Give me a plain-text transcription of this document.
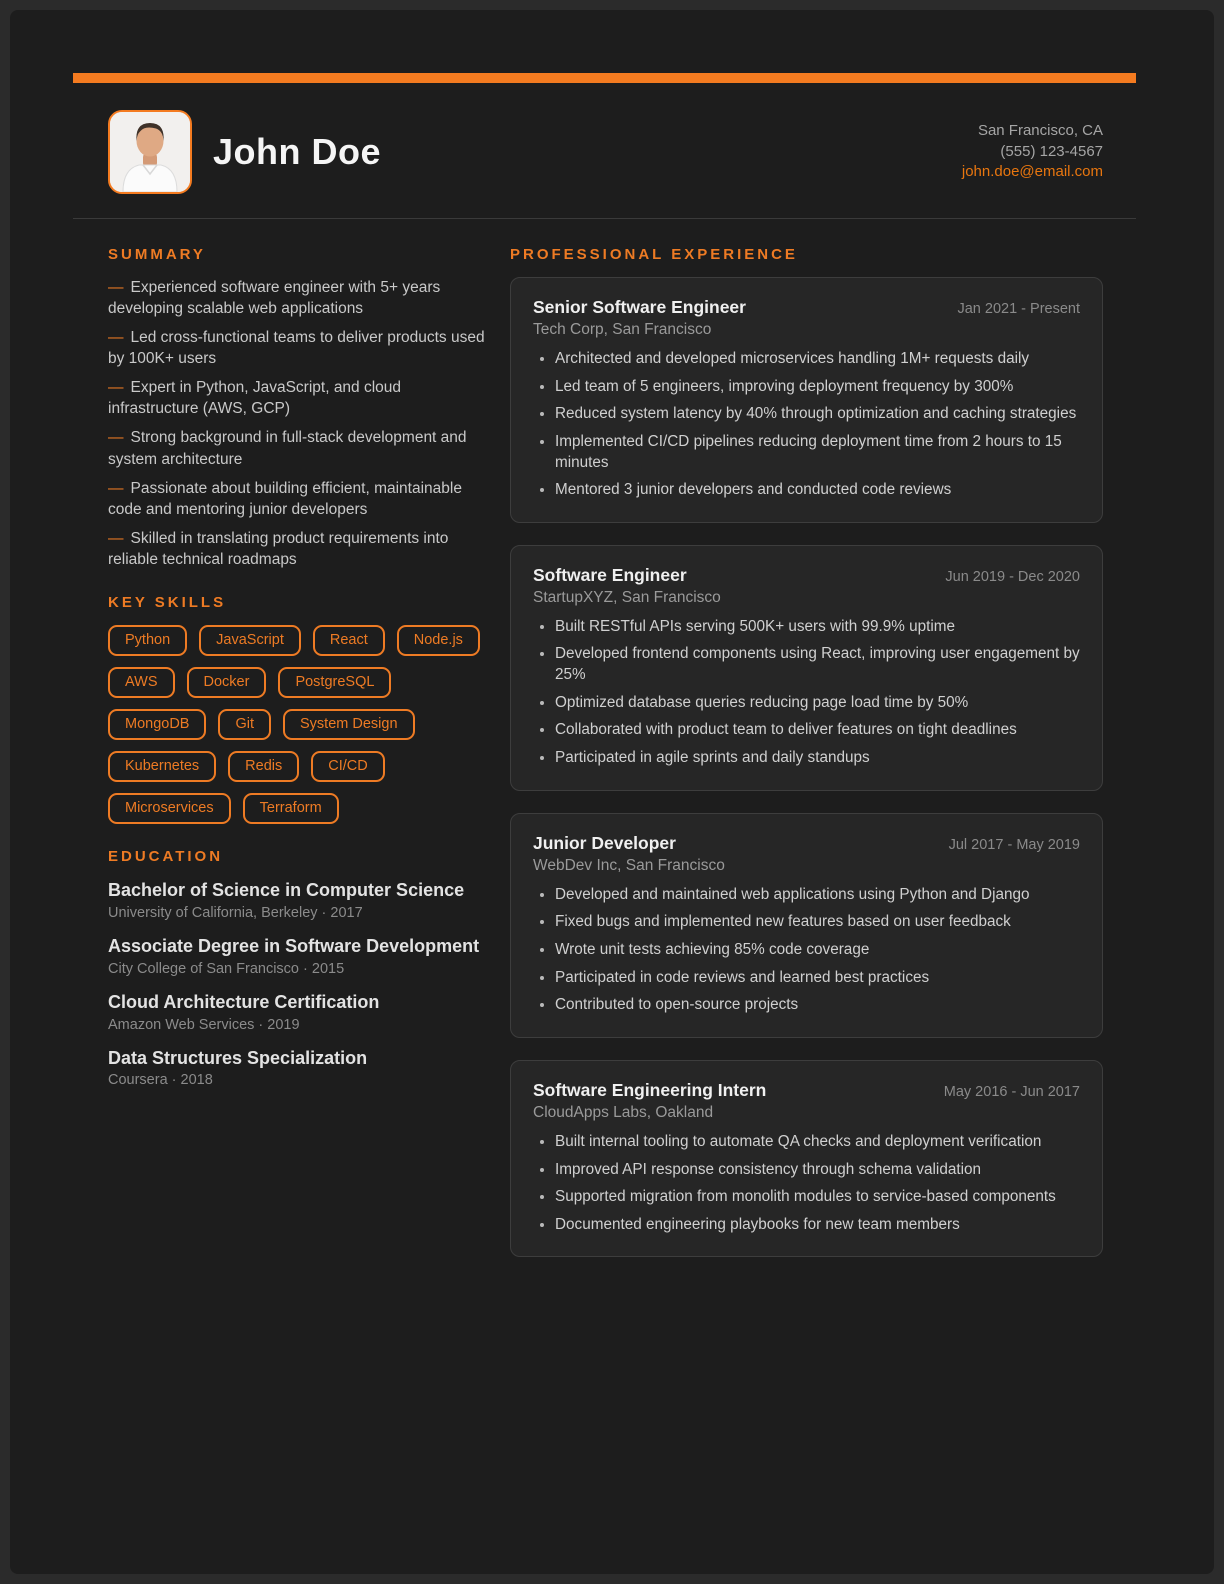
John Doe
San Francisco, CA
(555) 123-4567
john.doe@email.com
SUMMARY

— Experienced software engineer with 5+ years developing scalable web applications

— Led cross-functional teams to deliver products used by 100K+ users

— Expert in Python, JavaScript, and cloud infrastructure (AWS, GCP)

— Strong background in full-stack development and system architecture

— Passionate about building efficient, maintainable code and mentoring junior developers

— Skilled in translating product requirements into reliable technical roadmaps

KEY SKILLS
Python	JavaScript	React	Node.js
AWS	Docker	PostgreSQL
MongoDB	Git	System Design
Kubernetes	Redis	CI/CD
Microservices	Terraform
EDUCATION
Bachelor of Science in Computer Science
University of California, Berkeley · 2017
Associate Degree in Software Development
City College of San Francisco · 2015
Cloud Architecture Certification
Amazon Web Services · 2019
Data Structures Specialization
Coursera · 2018
PROFESSIONAL EXPERIENCE
Senior Software Engineer	Jan 2021 - Present
Tech Corp, San Francisco
• Architected and developed microservices handling 1M+ requests daily
• Led team of 5 engineers, improving deployment frequency by 300%
• Reduced system latency by 40% through optimization and caching strategies
• Implemented CI/CD pipelines reducing deployment time from 2 hours to 15 minutes
• Mentored 3 junior developers and conducted code reviews
Software Engineer	Jun 2019 - Dec 2020
StartupXYZ, San Francisco
• Built RESTful APIs serving 500K+ users with 99.9% uptime
• Developed frontend components using React, improving user engagement by 25%
• Optimized database queries reducing page load time by 50%
• Collaborated with product team to deliver features on tight deadlines
• Participated in agile sprints and daily standups
Junior Developer	Jul 2017 - May 2019
WebDev Inc, San Francisco
• Developed and maintained web applications using Python and Django
• Fixed bugs and implemented new features based on user feedback
• Wrote unit tests achieving 85% code coverage
• Participated in code reviews and learned best practices
• Contributed to open-source projects
Software Engineering Intern	May 2016 - Jun 2017
CloudApps Labs, Oakland
• Built internal tooling to automate QA checks and deployment verification
• Improved API response consistency through schema validation
• Supported migration from monolith modules to service-based components
• Documented engineering playbooks for new team members
